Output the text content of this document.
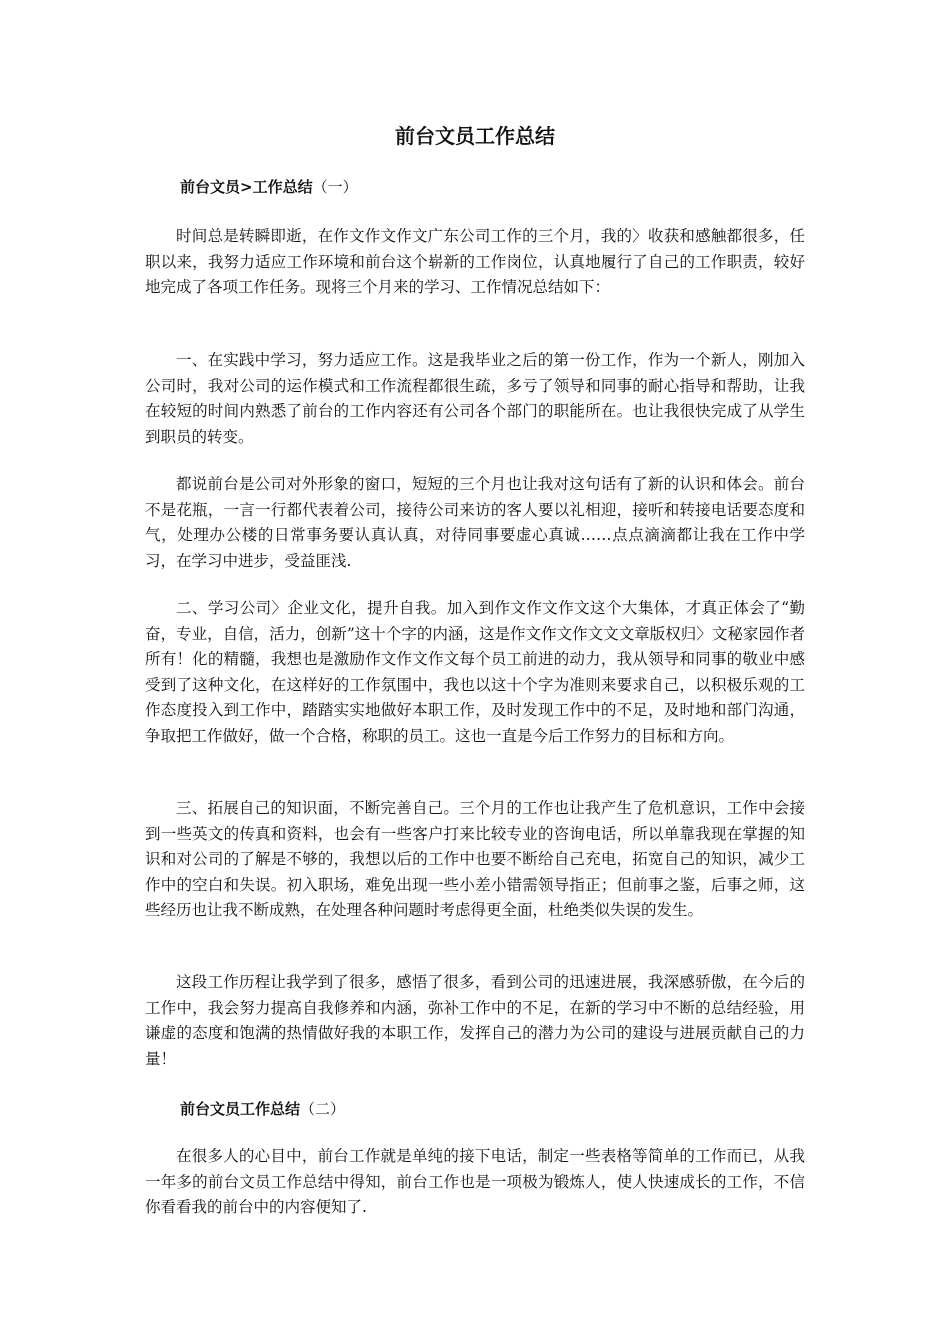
前台文员工作总结
前台文员>工作总结（一）

时间总是转瞬即逝，在作文作文作文广东公司工作的三个月，我的〉收获和感触都很多，任职以来，我努力适应工作环境和前台这个崭新的工作岗位，认真地履行了自己的工作职责，较好地完成了各项工作任务。现将三个月来的学习、工作情况总结如下：

一、在实践中学习，努力适应工作。这是我毕业之后的第一份工作，作为一个新人，刚加入公司时，我对公司的运作模式和工作流程都很生疏，多亏了领导和同事的耐心指导和帮助，让我在较短的时间内熟悉了前台的工作内容还有公司各个部门的职能所在。也让我很快完成了从学生到职员的转变。

都说前台是公司对外形象的窗口，短短的三个月也让我对这句话有了新的认识和体会。前台不是花瓶，一言一行都代表着公司，接待公司来访的客人要以礼相迎，接听和转接电话要态度和气，处理办公楼的日常事务要认真认真，对待同事要虚心真诚……点点滴滴都让我在工作中学习，在学习中进步，受益匪浅.

二、学习公司〉企业文化，提升自我。加入到作文作文作文这个大集体，才真正体会了“勤奋，专业，自信，活力，创新”这十个字的内涵，这是作文作文作文文文章版权归〉文秘家园作者所有！化的精髓，我想也是激励作文作文作文每个员工前进的动力，我从领导和同事的敬业中感受到了这种文化，在这样好的工作氛围中，我也以这十个字为准则来要求自己，以积极乐观的工作态度投入到工作中，踏踏实实地做好本职工作，及时发现工作中的不足，及时地和部门沟通，争取把工作做好，做一个合格，称职的员工。这也一直是今后工作努力的目标和方向。

三、拓展自己的知识面，不断完善自己。三个月的工作也让我产生了危机意识，工作中会接到一些英文的传真和资料，也会有一些客户打来比较专业的咨询电话，所以单靠我现在掌握的知识和对公司的了解是不够的，我想以后的工作中也要不断给自己充电，拓宽自己的知识，减少工作中的空白和失误。初入职场，难免出现一些小差小错需领导指正；但前事之鉴，后事之师，这些经历也让我不断成熟，在处理各种问题时考虑得更全面，杜绝类似失误的发生。

这段工作历程让我学到了很多，感悟了很多，看到公司的迅速进展，我深感骄傲，在今后的工作中，我会努力提高自我修养和内涵，弥补工作中的不足，在新的学习中不断的总结经验，用谦虚的态度和饱满的热情做好我的本职工作，发挥自己的潜力为公司的建设与进展贡献自己的力量！

前台文员工作总结（二）

在很多人的心目中，前台工作就是单纯的接下电话，制定一些表格等简单的工作而已，从我一年多的前台文员工作总结中得知，前台工作也是一项极为锻炼人，使人快速成长的工作，不信你看看我的前台中的内容便知了.
